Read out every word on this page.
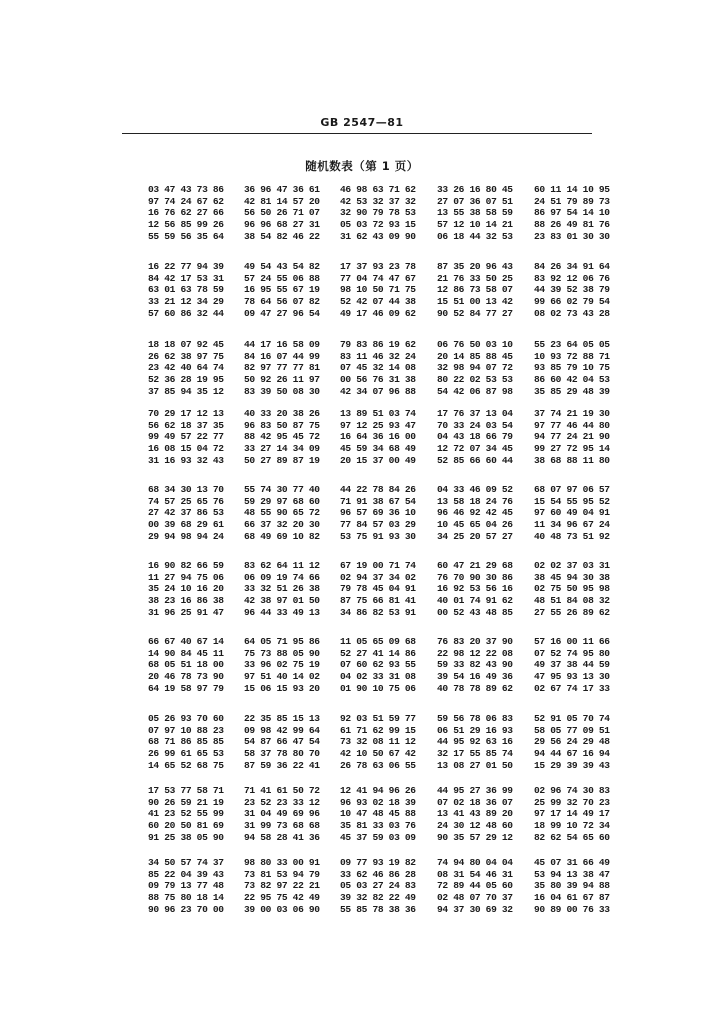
GB 2547—81
随机数表（第 1 页）
03 47 43 73 86
97 74 24 67 62
16 76 62 27 66
12 56 85 99 26
55 59 56 35 64
36 96 47 36 61
42 81 14 57 20
56 50 26 71 07
96 96 68 27 31
38 54 82 46 22
46 98 63 71 62
42 53 32 37 32
32 90 79 78 53
05 03 72 93 15
31 62 43 09 90
33 26 16 80 45
27 07 36 07 51
13 55 38 58 59
57 12 10 14 21
06 18 44 32 53
60 11 14 10 95
24 51 79 89 73
86 97 54 14 10
88 26 49 81 76
23 83 01 30 30
16 22 77 94 39
84 42 17 53 31
63 01 63 78 59
33 21 12 34 29
57 60 86 32 44
49 54 43 54 82
57 24 55 06 88
16 95 55 67 19
78 64 56 07 82
09 47 27 96 54
17 37 93 23 78
77 04 74 47 67
98 10 50 71 75
52 42 07 44 38
49 17 46 09 62
87 35 20 96 43
21 76 33 50 25
12 86 73 58 07
15 51 00 13 42
90 52 84 77 27
84 26 34 91 64
83 92 12 06 76
44 39 52 38 79
99 66 02 79 54
08 02 73 43 28
18 18 07 92 45
26 62 38 97 75
23 42 40 64 74
52 36 28 19 95
37 85 94 35 12
44 17 16 58 09
84 16 07 44 99
82 97 77 77 81
50 92 26 11 97
83 39 50 08 30
79 83 86 19 62
83 11 46 32 24
07 45 32 14 08
00 56 76 31 38
42 34 07 96 88
06 76 50 03 10
20 14 85 88 45
32 98 94 07 72
80 22 02 53 53
54 42 06 87 98
55 23 64 05 05
10 93 72 88 71
93 85 79 10 75
86 60 42 04 53
35 85 29 48 39
70 29 17 12 13
56 62 18 37 35
99 49 57 22 77
16 08 15 04 72
31 16 93 32 43
40 33 20 38 26
96 83 50 87 75
88 42 95 45 72
33 27 14 34 09
50 27 89 87 19
13 89 51 03 74
97 12 25 93 47
16 64 36 16 00
45 59 34 68 49
20 15 37 00 49
17 76 37 13 04
70 33 24 03 54
04 43 18 66 79
12 72 07 34 45
52 85 66 60 44
37 74 21 19 30
97 77 46 44 80
94 77 24 21 90
99 27 72 95 14
38 68 88 11 80
68 34 30 13 70
74 57 25 65 76
27 42 37 86 53
00 39 68 29 61
29 94 98 94 24
55 74 30 77 40
59 29 97 68 60
48 55 90 65 72
66 37 32 20 30
68 49 69 10 82
44 22 78 84 26
71 91 38 67 54
96 57 69 36 10
77 84 57 03 29
53 75 91 93 30
04 33 46 09 52
13 58 18 24 76
96 46 92 42 45
10 45 65 04 26
34 25 20 57 27
68 07 97 06 57
15 54 55 95 52
97 60 49 04 91
11 34 96 67 24
40 48 73 51 92
16 90 82 66 59
11 27 94 75 06
35 24 10 16 20
38 23 16 86 38
31 96 25 91 47
83 62 64 11 12
06 09 19 74 66
33 32 51 26 38
42 38 97 01 50
96 44 33 49 13
67 19 00 71 74
02 94 37 34 02
79 78 45 04 91
87 75 66 81 41
34 86 82 53 91
60 47 21 29 68
76 70 90 30 86
16 92 53 56 16
40 01 74 91 62
00 52 43 48 85
02 02 37 03 31
38 45 94 30 38
02 75 50 95 98
48 51 84 08 32
27 55 26 89 62
66 67 40 67 14
14 90 84 45 11
68 05 51 18 00
20 46 78 73 90
64 19 58 97 79
64 05 71 95 86
75 73 88 05 90
33 96 02 75 19
97 51 40 14 02
15 06 15 93 20
11 05 65 09 68
52 27 41 14 86
07 60 62 93 55
04 02 33 31 08
01 90 10 75 06
76 83 20 37 90
22 98 12 22 08
59 33 82 43 90
39 54 16 49 36
40 78 78 89 62
57 16 00 11 66
07 52 74 95 80
49 37 38 44 59
47 95 93 13 30
02 67 74 17 33
05 26 93 70 60
07 97 10 88 23
68 71 86 85 85
26 99 61 65 53
14 65 52 68 75
22 35 85 15 13
09 98 42 99 64
54 87 66 47 54
58 37 78 80 70
87 59 36 22 41
92 03 51 59 77
61 71 62 99 15
73 32 08 11 12
42 10 50 67 42
26 78 63 06 55
59 56 78 06 83
06 51 29 16 93
44 95 92 63 16
32 17 55 85 74
13 08 27 01 50
52 91 05 70 74
58 05 77 09 51
29 56 24 29 48
94 44 67 16 94
15 29 39 39 43
17 53 77 58 71
90 26 59 21 19
41 23 52 55 99
60 20 50 81 69
91 25 38 05 90
71 41 61 50 72
23 52 23 33 12
31 04 49 69 96
31 99 73 68 68
94 58 28 41 36
12 41 94 96 26
96 93 02 18 39
10 47 48 45 88
35 81 33 03 76
45 37 59 03 09
44 95 27 36 99
07 02 18 36 07
13 41 43 89 20
24 30 12 48 60
90 35 57 29 12
02 96 74 30 83
25 99 32 70 23
97 17 14 49 17
18 99 10 72 34
82 62 54 65 60
34 50 57 74 37
85 22 04 39 43
09 79 13 77 48
88 75 80 18 14
90 96 23 70 00
98 80 33 00 91
73 81 53 94 79
73 82 97 22 21
22 95 75 42 49
39 00 03 06 90
09 77 93 19 82
33 62 46 86 28
05 03 27 24 83
39 32 82 22 49
55 85 78 38 36
74 94 80 04 04
08 31 54 46 31
72 89 44 05 60
02 48 07 70 37
94 37 30 69 32
45 07 31 66 49
53 94 13 38 47
35 80 39 94 88
16 04 61 67 87
90 89 00 76 33
